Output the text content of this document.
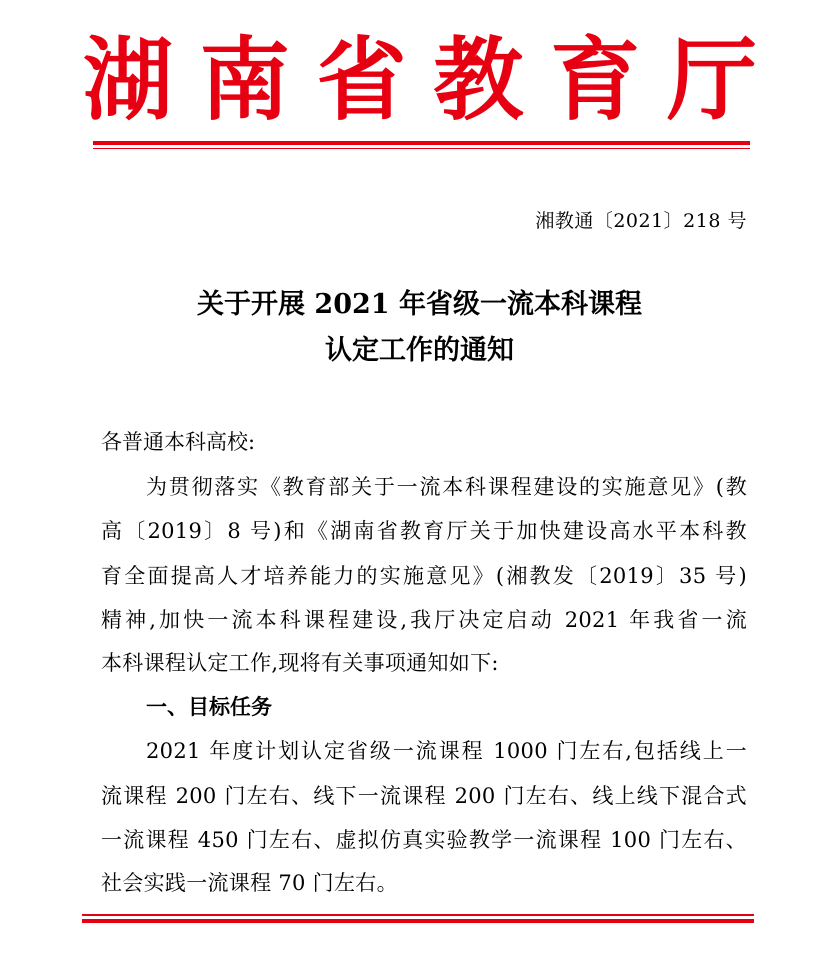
湖 南 省 教 育 厅
湘教通〔2021〕218 号
关于开展 2021 年省级一流本科课程
认定工作的通知
各普通本科高校:
为贯彻落实《教育部关于一流本科课程建设的实施意见》(教
高〔2019〕8 号)和《湖南省教育厅关于加快建设高水平本科教
育全面提高人才培养能力的实施意见》(湘教发〔2019〕35 号)
精神,加快一流本科课程建设,我厅决定启动 2021 年我省一流
本科课程认定工作,现将有关事项通知如下:
一、目标任务
2021 年度计划认定省级一流课程 1000 门左右,包括线上一
流课程 200 门左右、线下一流课程 200 门左右、线上线下混合式
一流课程 450 门左右、虚拟仿真实验教学一流课程 100 门左右、
社会实践一流课程 70 门左右。
